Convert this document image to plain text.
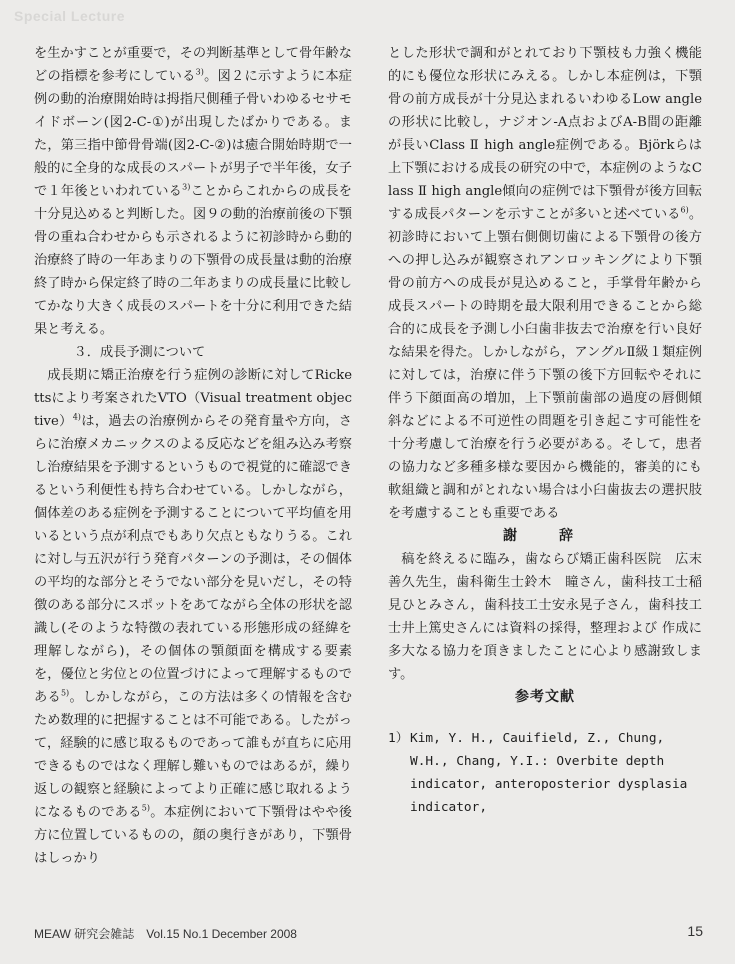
Special Lecture

を生かすことが重要で，その判断基準として骨年齢などの指標を参考にしている$^{3)}$。図２に示すように本症例の動的治療開始時は拇指尺側種子骨いわゆるセサモイドボーン(図2-C-①)が出現したばかりである。また，第三指中節骨骨端(図2-C-②)は癒合開始時期で一般的に全身的な成長のスパートが男子で半年後，女子で１年後といわれている$^{3)}$ことからこれからの成長を十分見込めると判断した。図９の動的治療前後の下顎骨の重ね合わせからも示されるように初診時から動的治療終了時の一年あまりの下顎骨の成長量は動的治療終了時から保定終了時の二年あまりの成長量に比較してかなり大きく成長のスパートを十分に利用できた結果と考える。

３．成長予測について

成長期に矯正治療を行う症例の診断に対してRickettsにより考案されたVTO（Visual treatment objective）$^{4)}$は，過去の治療例からその発育量や方向，さらに治療メカニックスのよる反応などを組み込み考察し治療結果を予測するというもので視覚的に確認できるという利便性も持ち合わせている。しかしながら，個体差のある症例を予測することについて平均値を用いるという点が利点でもあり欠点ともなりうる。これに対し与五沢が行う発育パターンの予測は，その個体の平均的な部分とそうでない部分を見いだし，その特徴のある部分にスポットをあてながら全体の形状を認識し(そのような特徴の表れている形態形成の経緯を理解しながら)，その個体の顎顔面を構成する要素を，優位と劣位との位置づけによって理解するものである$^{5)}$。しかしながら，この方法は多くの情報を含むため数理的に把握することは不可能である。したがって，経験的に感じ取るものであって誰もが直ちに応用できるものではなく理解し難いものではあるが，繰り返しの観察と経験によってより正確に感じ取れるようになるものである$^{5)}$。本症例において下顎骨はやや後方に位置しているものの，顔の奥行きがあり，下顎骨はしっかり

とした形状で調和がとれており下顎枝も力強く機能的にも優位な形状にみえる。しかし本症例は，下顎骨の前方成長が十分見込まれるいわゆるLow angleの形状に比較し，ナジオン-A点およびA-B間の距離が長いClass Ⅱ high angle症例である。Björkらは上下顎における成長の研究の中で，本症例のようなClass Ⅱ high angle傾向の症例では下顎骨が後方回転する成長パターンを示すことが多いと述べている$^{6)}$。初診時において上顎右側側切歯による下顎骨の後方への押し込みが観察されアンロッキングにより下顎骨の前方への成長が見込めること，手掌骨年齢から成長スパートの時期を最大限利用できることから総合的に成長を予測し小臼歯非抜去で治療を行い良好な結果を得た。しかしながら，アングルⅡ級１類症例に対しては，治療に伴う下顎の後下方回転やそれに伴う下顔面高の増加，上下顎前歯部の過度の唇側傾斜などによる不可逆性の問題を引き起こす可能性を十分考慮して治療を行う必要がある。そして，患者の協力など多種多様な要因から機能的，審美的にも軟組織と調和がとれない場合は小臼歯抜去の選択肢を考慮することも重要である

謝　辞

稿を終えるに臨み，歯ならび矯正歯科医院　広末善久先生，歯科衛生士鈴木　瞳さん，歯科技工士稲見ひとみさん，歯科技工士安永晃子さん，歯科技工士井上篤史さんには資料の採得，整理および 作成に多大なる協力を頂きましたことに心より感謝致します。

参考文献

1） Kim, Y. H., Cauifield, Z., Chung, W.H., Chang, Y.I.: Overbite depth indicator, anteroposterior dysplasia indicator,
MEAW 研究会雑誌　Vol.15 No.1 December 2008	15
